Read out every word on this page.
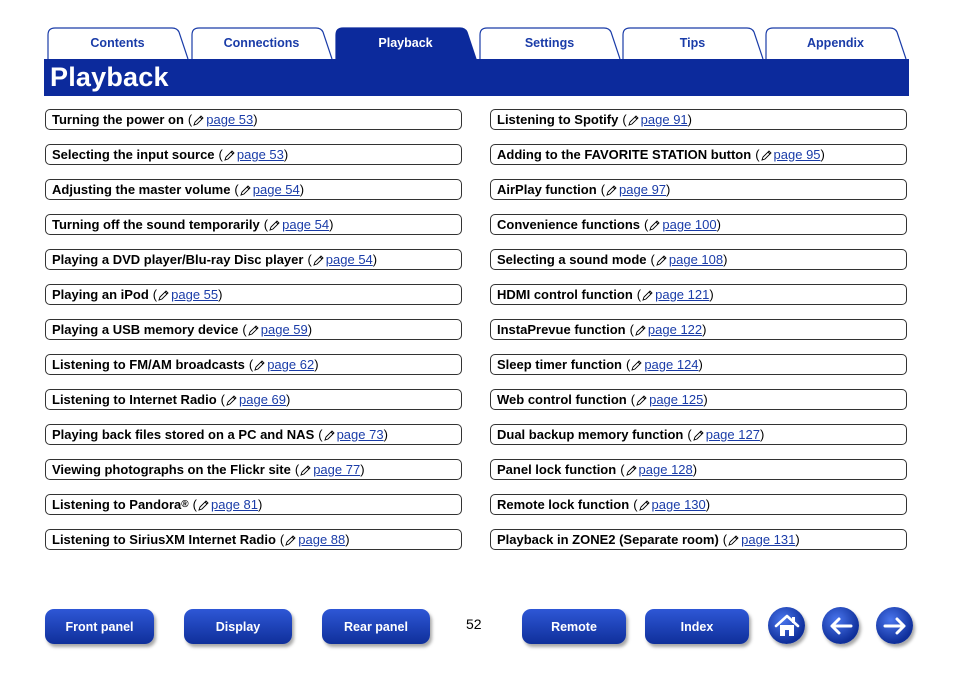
Contents	Connections	Playback	Settings	Tips	Appendix
Playback
Turning the power on ( page 53)
Selecting the input source ( page 53)
Adjusting the master volume ( page 54)
Turning off the sound temporarily ( page 54)
Playing a DVD player/Blu-ray Disc player ( page 54)
Playing an iPod ( page 55)
Playing a USB memory device ( page 59)
Listening to FM/AM broadcasts ( page 62)
Listening to Internet Radio ( page 69)
Playing back files stored on a PC and NAS ( page 73)
Viewing photographs on the Flickr site ( page 77)
Listening to Pandora ® ( page 81)
Listening to SiriusXM Internet Radio ( page 88)
Listening to Spotify ( page 91)
Adding to the FAVORITE STATION button ( page 95)
AirPlay function ( page 97)
Convenience functions ( page 100)
Selecting a sound mode ( page 108)
HDMI control function ( page 121)
InstaPrevue function ( page 122)
Sleep timer function ( page 124)
Web control function ( page 125)
Dual backup memory function ( page 127)
Panel lock function ( page 128)
Remote lock function ( page 130)
Playback in ZONE2 (Separate room) ( page 131)
Front panel	Display	Rear panel	52	Remote	Index
